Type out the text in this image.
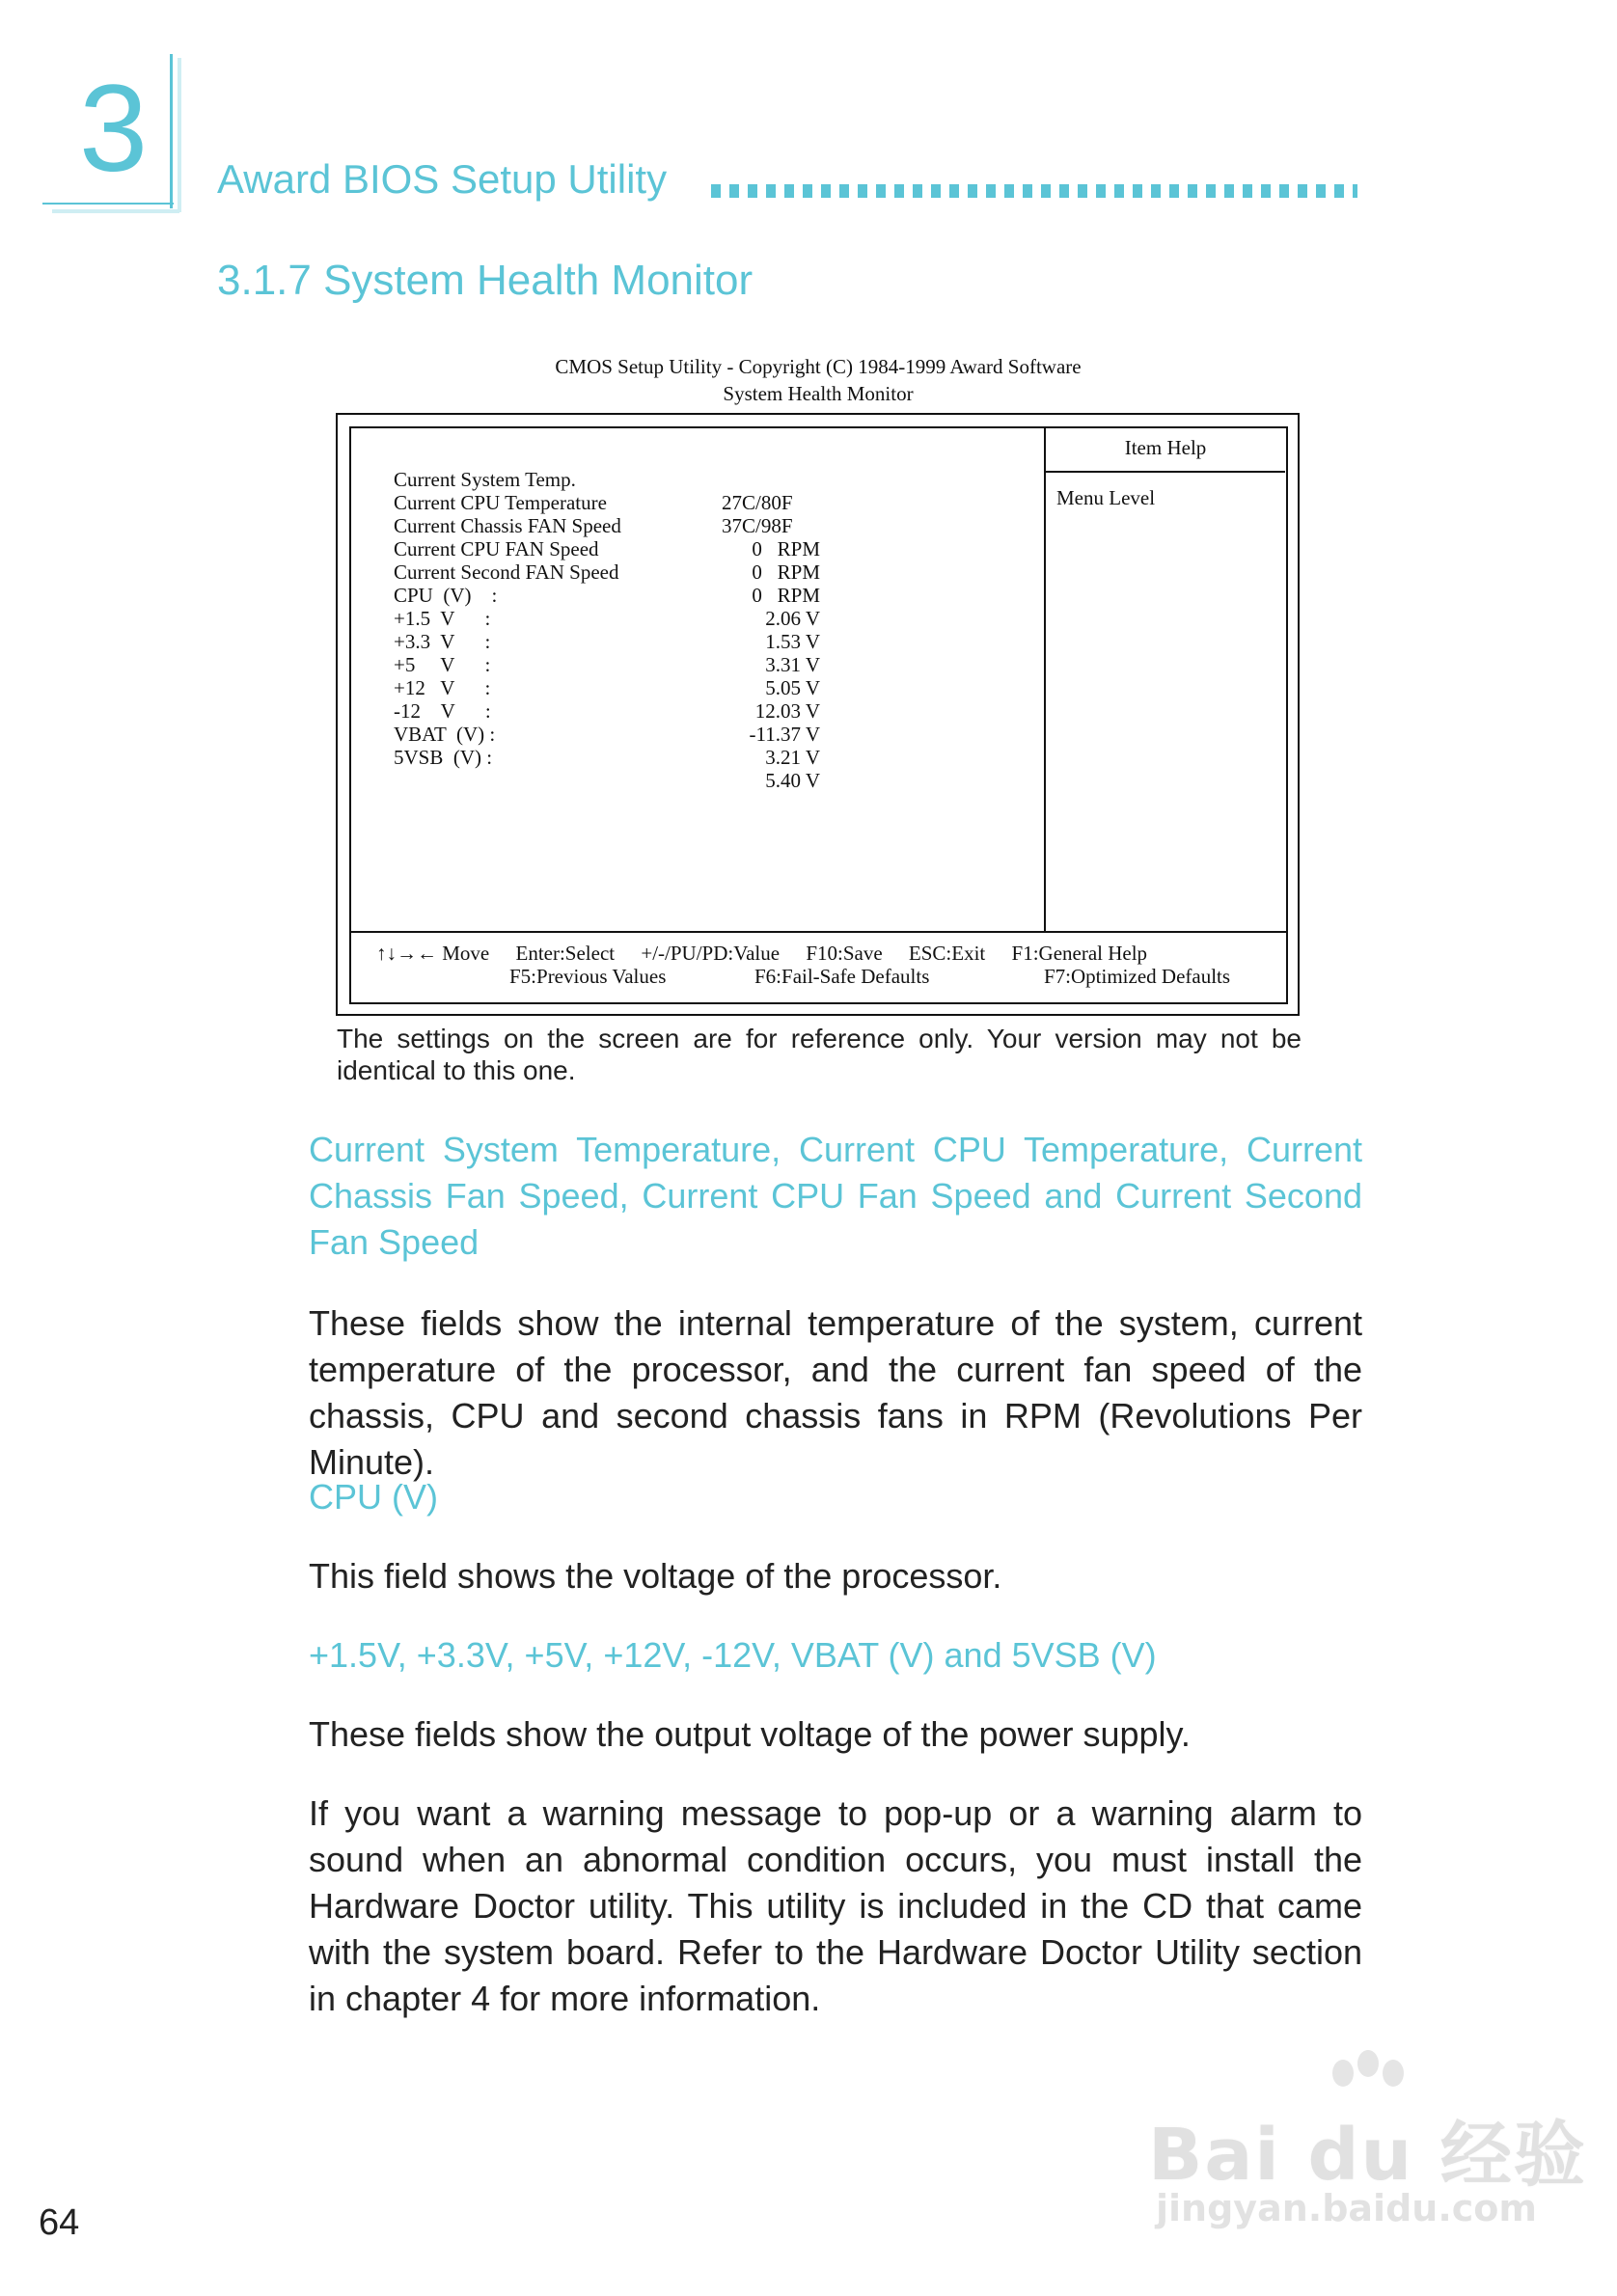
3 Award BIOS Setup Utility
3.1.7 System Health Monitor
CMOS Setup Utility - Copyright (C) 1984-1999 Award Software
System Health Monitor
Item Help
Menu Level

Current System Temp.

27C/80F

Current CPU Temperature

37C/98F

Current Chassis FAN Speed

0   RPM

Current CPU FAN Speed

0   RPM

Current Second FAN Speed

0   RPM

CPU  (V)    :

2.06 V

+1.5  V      :

1.53 V

+3.3  V      :

3.31 V

+5     V      :

5.05 V

+12   V      :

12.03 V

-12    V      :

-11.37 V

VBAT  (V) :

3.21 V

5VSB  (V) :

5.40 V

↑↓→← Move Enter:Select +/-/PU/PD:Value F10:Save ESC:Exit F1:General Help
F5:Previous Values	F6:Fail-Safe Defaults	F7:Optimized Defaults
The settings on the screen are for reference only. Your version may not be identical to this one.
Current System Temperature, Current CPU Temperature, Current Chassis Fan Speed, Current CPU Fan Speed and Current Second Fan Speed
These fields show the internal temperature of the system, current temperature of the processor, and the current fan speed of the chassis, CPU and second chassis fans in RPM (Revolutions Per Minute).
CPU (V)
This field shows the voltage of the processor.
+1.5V, +3.3V, +5V, +12V, -12V, VBAT (V) and 5VSB (V)
These fields show the output voltage of the power supply.
If you want a warning message to pop-up or a warning alarm to sound when an abnormal condition occurs, you must install the Hardware Doctor utility. This utility is included in the CD that came with the system board. Refer to the Hardware Doctor Utility section in chapter 4 for more information.
64
Bai du 经验
jingyan.baidu.com
